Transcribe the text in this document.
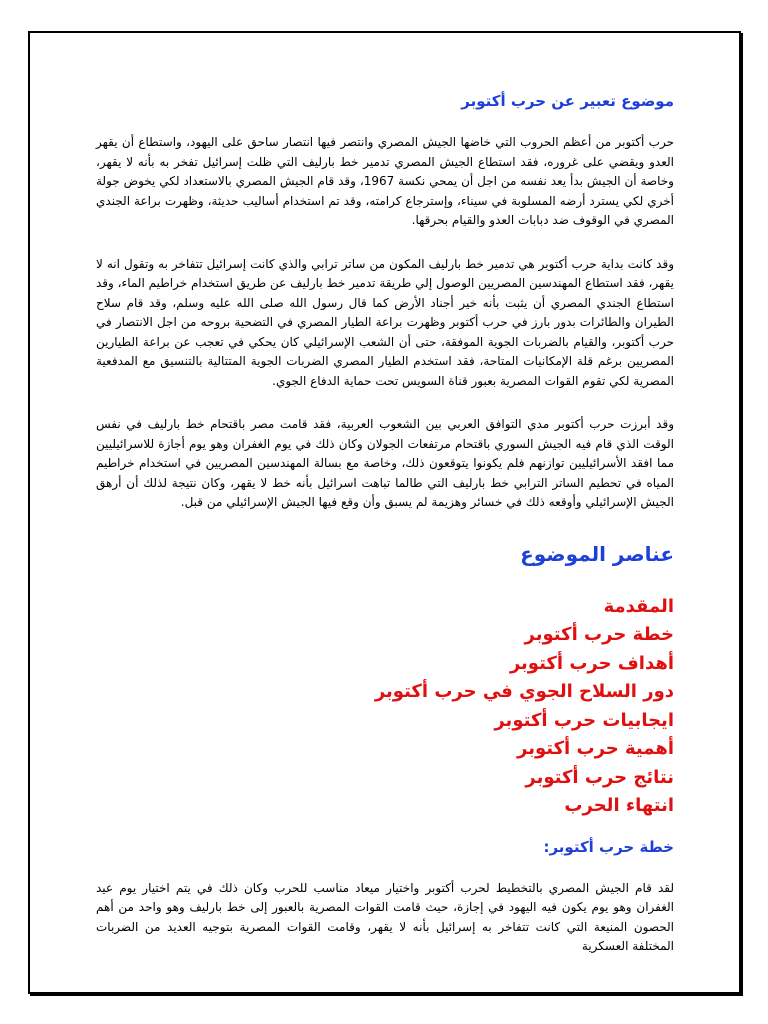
موضوع تعبير عن حرب أكتوبر

حرب أكتوبر من أعظم الحروب التي خاضها الجيش المصري وانتصر فيها انتصار ساحق على اليهود، واستطاع أن يقهر العدو ويقضي على غروره، فقد استطاع الجيش المصري تدمير خط بارليف التي ظلت إسرائيل تفخر به بأنه لا يقهر، وخاصة أن الجيش بدأ يعد نفسه من اجل أن يمحي نكسة 1967، وقد قام الجيش المصري بالاستعداد لكي يخوض جولة أخري لكي يسترد أرضه المسلوبة في سيناء، وإسترجاع كرامته، وقد تم استخدام أساليب حديثة، وظهرت براعة الجندي المصري في الوقوف ضد دبابات العدو والقيام بحرقها.

وقد كانت بداية حرب أكتوبر هي تدمير خط بارليف المكون من ساتر ترابي والذي كانت إسرائيل تتفاخر به وتقول انه لا يقهر، فقد استطاع المهندسين المصريين الوصول إلي طريقة تدمير خط بارليف عن طريق استخدام خراطيم الماء، وقد استطاع الجندي المصري أن يثبت بأنه خير أجناد الأرض كما قال رسول الله صلى الله عليه وسلم، وقد قام سلاح الطيران والطائرات بدور بارز في حرب أكتوبر وظهرت براعة الطيار المصري في التضحية بروحه من اجل الانتصار في حرب أكتوبر، والقيام بالضربات الجوية الموفقة، حتى أن الشعب الإسرائيلي كان يحكي في تعجب عن براعة الطيارين المصريين برغم قلة الإمكانيات المتاحة، فقد استخدم الطيار المصري الضربات الجوية المتتالية بالتنسيق مع المدفعية المصرية لكي تقوم القوات المصرية بعبور قناة السويس تحت حماية الدفاع الجوي.

وقد أبرزت حرب أكتوبر مدي التوافق العربي بين الشعوب العربية، فقد قامت مصر باقتحام خط بارليف في نفس الوقت الذي قام فيه الجيش السوري باقتحام مرتفعات الجولان وكان ذلك في يوم الغفران وهو يوم أجازة للاسرائيليين مما افقد الأسرائيليين توازنهم فلم يكونوا يتوقعون ذلك، وخاصة مع بسالة المهندسين المصريين في استخدام خراطيم المياه في تحطيم الساتر الترابي خط بارليف التي طالما تباهت اسرائيل بأنه خط لا يقهر، وكان نتيجة لذلك أن أرهق الجيش الإسرائيلي وأوقعه ذلك في خسائر وهزيمة لم يسبق وأن وقع فيها الجيش الإسرائيلي من قبل.

عناصر الموضوع
المقدمة
خطة حرب أكتوبر
أهداف حرب أكتوبر
دور السلاح الجوي في حرب أكتوبر
ايجابيات حرب أكتوبر
أهمية حرب أكتوبر
نتائج حرب أكتوبر
انتهاء الحرب
خطة حرب أكتوبر:

لقد قام الجيش المصري بالتخطيط لحرب أكتوبر واختيار ميعاد مناسب للحرب وكان ذلك في يتم اختيار يوم عيد الغفران وهو يوم يكون فيه اليهود في إجازة، حيث قامت القوات المصرية بالعبور إلى خط بارليف وهو واحد من أهم الحصون المنيعة التي كانت تتفاخر به إسرائيل بأنه لا يقهر، وقامت القوات المصرية بتوجيه العديد من الضربات المختلفة العسكرية
